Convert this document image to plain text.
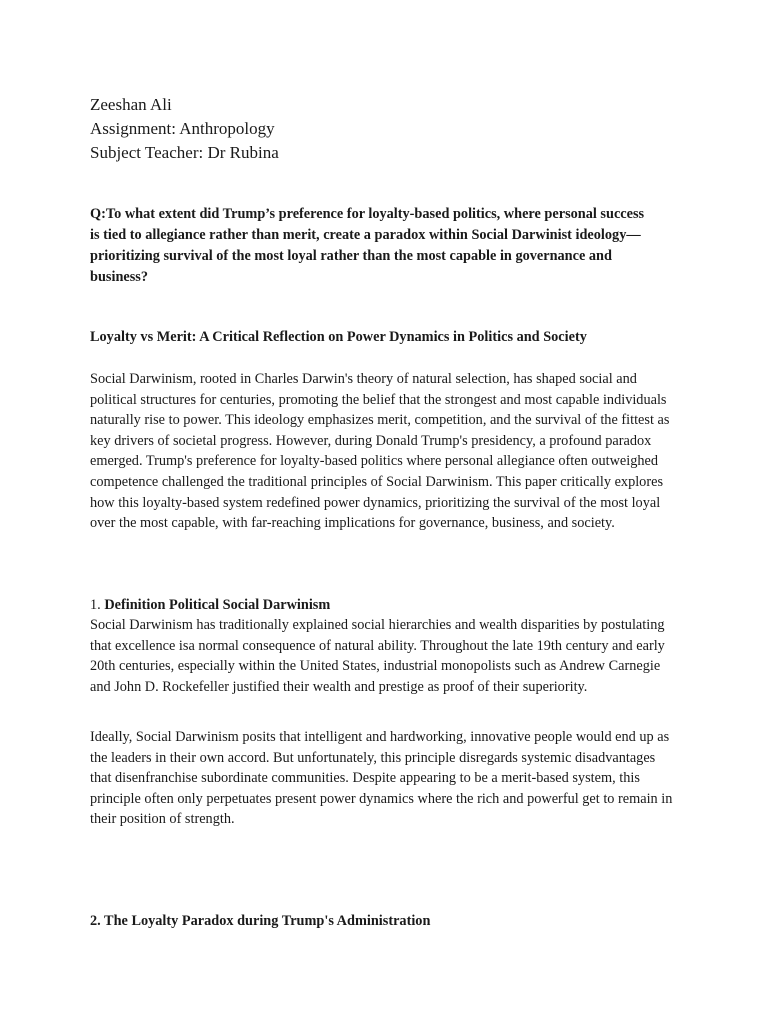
Zeeshan Ali
Assignment: Anthropology
Subject Teacher: Dr Rubina
Q:To what extent did Trump’s preference for loyalty-based politics, where personal success is tied to allegiance rather than merit, create a paradox within Social Darwinist ideology—prioritizing survival of the most loyal rather than the most capable in governance and business?
Loyalty vs Merit: A Critical Reflection on Power Dynamics in Politics and Society

Social Darwinism, rooted in Charles Darwin's theory of natural selection, has shaped social and political structures for centuries, promoting the belief that the strongest and most capable individuals naturally rise to power. This ideology emphasizes merit, competition, and the survival of the fittest as key drivers of societal progress. However, during Donald Trump's presidency, a profound paradox emerged. Trump's preference for loyalty-based politics where personal allegiance often outweighed competence challenged the traditional principles of Social Darwinism. This paper critically explores how this loyalty-based system redefined power dynamics, prioritizing the survival of the most loyal over the most capable, with far-reaching implications for governance, business, and society.

1. Definition Political Social Darwinism

Social Darwinism has traditionally explained social hierarchies and wealth disparities by postulating that excellence isa normal consequence of natural ability. Throughout the late 19th century and early 20th centuries, especially within the United States, industrial monopolists such as Andrew Carnegie and John D. Rockefeller justified their wealth and prestige as proof of their superiority.

Ideally, Social Darwinism posits that intelligent and hardworking, innovative people would end up as the leaders in their own accord. But unfortunately, this principle disregards systemic disadvantages that disenfranchise subordinate communities. Despite appearing to be a merit-based system, this principle often only perpetuates present power dynamics where the rich and powerful get to remain in their position of strength.

2. The Loyalty Paradox during Trump's Administration
